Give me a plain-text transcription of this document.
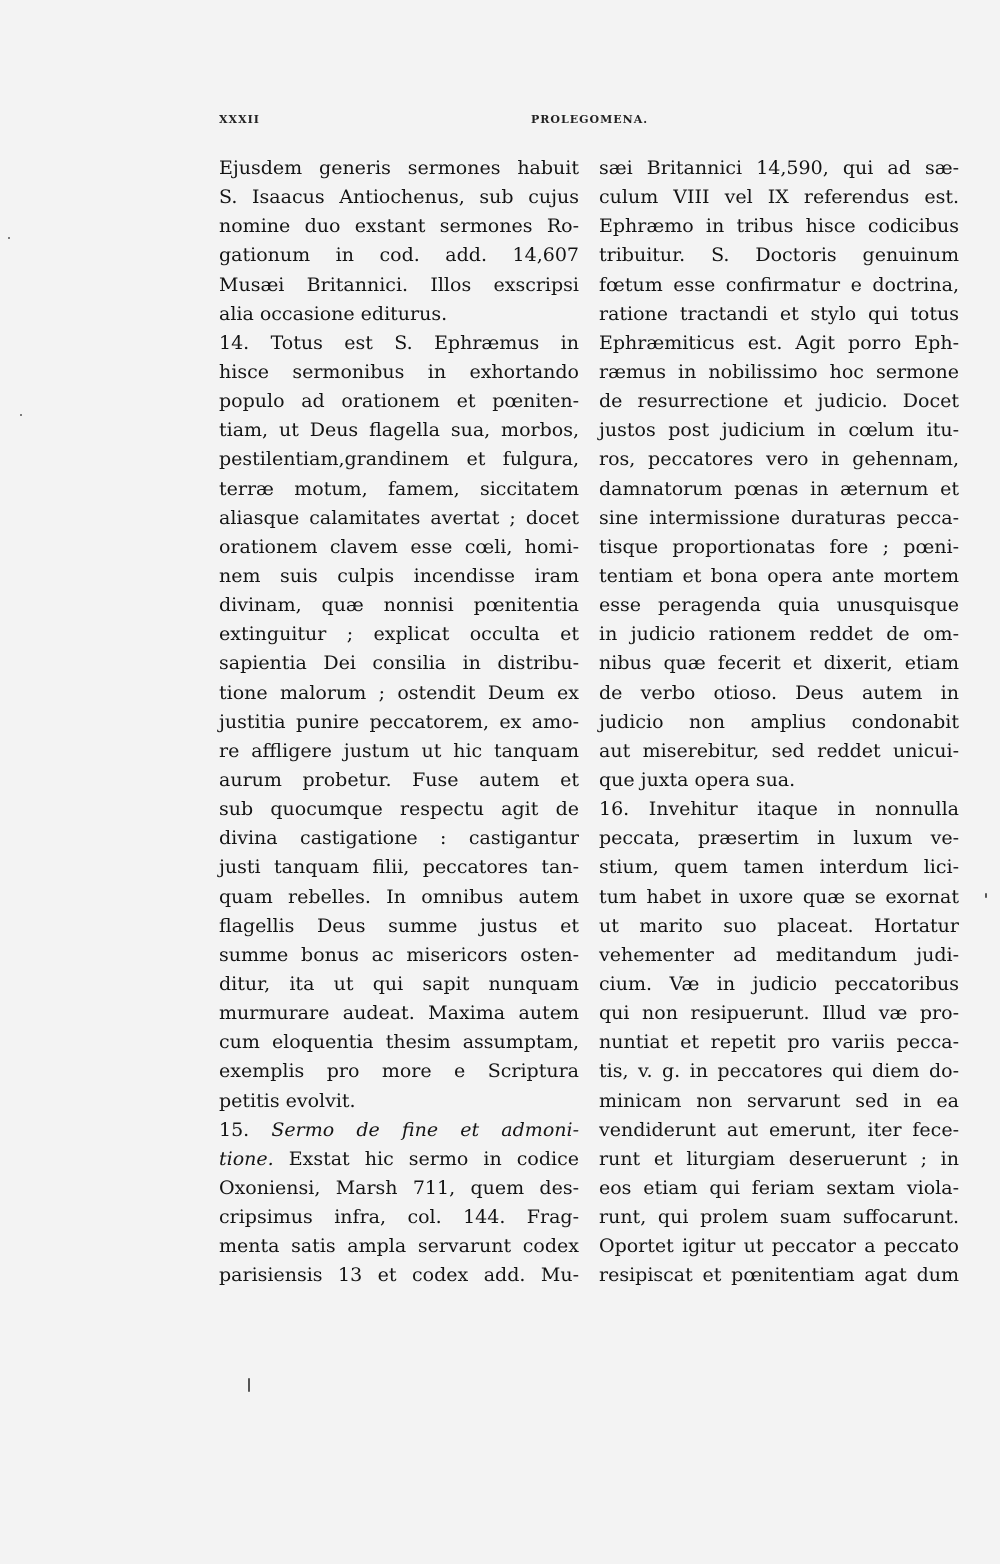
XXXII	PROLEGOMENA.
Ejusdem generis sermones habuit
S. Isaacus Antiochenus, sub cujus
nomine duo exstant sermones Ro-
gationum in cod. add. 14,607
Musæi Britannici. Illos exscripsi
alia occasione editurus.
14. Totus est S. Ephræmus in
hisce sermonibus in exhortando
populo ad orationem et pœniten-
tiam, ut Deus flagella sua, morbos,
pestilentiam,grandinem et fulgura,
terræ motum, famem, siccitatem
aliasque calamitates avertat ; docet
orationem clavem esse cœli, homi-
nem suis culpis incendisse iram
divinam, quæ nonnisi pœnitentia
extinguitur ; explicat occulta et
sapientia Dei consilia in distribu-
tione malorum ; ostendit Deum ex
justitia punire peccatorem, ex amo-
re affligere justum ut hic tanquam
aurum probetur. Fuse autem et
sub quocumque respectu agit de
divina castigatione : castigantur
justi tanquam filii, peccatores tan-
quam rebelles. In omnibus autem
flagellis Deus summe justus et
summe bonus ac misericors osten-
ditur, ita ut qui sapit nunquam
murmurare audeat. Maxima autem
cum eloquentia thesim assumptam,
exemplis pro more e Scriptura
petitis evolvit.
15. Sermo de fine et admoni-
tione. Exstat hic sermo in codice
Oxoniensi, Marsh 711, quem des-
cripsimus infra, col. 144. Frag-
menta satis ampla servarunt codex
parisiensis 13 et codex add. Mu-
sæi Britannici 14,590, qui ad sæ-
culum VIII vel IX referendus est.
Ephræmo in tribus hisce codicibus
tribuitur. S. Doctoris genuinum
fœtum esse confirmatur e doctrina,
ratione tractandi et stylo qui totus
Ephræmiticus est. Agit porro Eph-
ræmus in nobilissimo hoc sermone
de resurrectione et judicio. Docet
justos post judicium in cœlum itu-
ros, peccatores vero in gehennam,
damnatorum pœnas in æternum et
sine intermissione duraturas pecca-
tisque proportionatas fore ; pœni-
tentiam et bona opera ante mortem
esse peragenda quia unusquisque
in judicio rationem reddet de om-
nibus quæ fecerit et dixerit, etiam
de verbo otioso. Deus autem in
judicio non amplius condonabit
aut miserebitur, sed reddet unicui-
que juxta opera sua.
16. Invehitur itaque in nonnulla
peccata, præsertim in luxum ve-
stium, quem tamen interdum lici-
tum habet in uxore quæ se exornat
ut marito suo placeat. Hortatur
vehementer ad meditandum judi-
cium. Væ in judicio peccatoribus
qui non resipuerunt. Illud væ pro-
nuntiat et repetit pro variis pecca-
tis, v. g. in peccatores qui diem do-
minicam non servarunt sed in ea
vendiderunt aut emerunt, iter fece-
runt et liturgiam deseruerunt ; in
eos etiam qui feriam sextam viola-
runt, qui prolem suam suffocarunt.
Oportet igitur ut peccator a peccato
resipiscat et pœnitentiam agat dum
